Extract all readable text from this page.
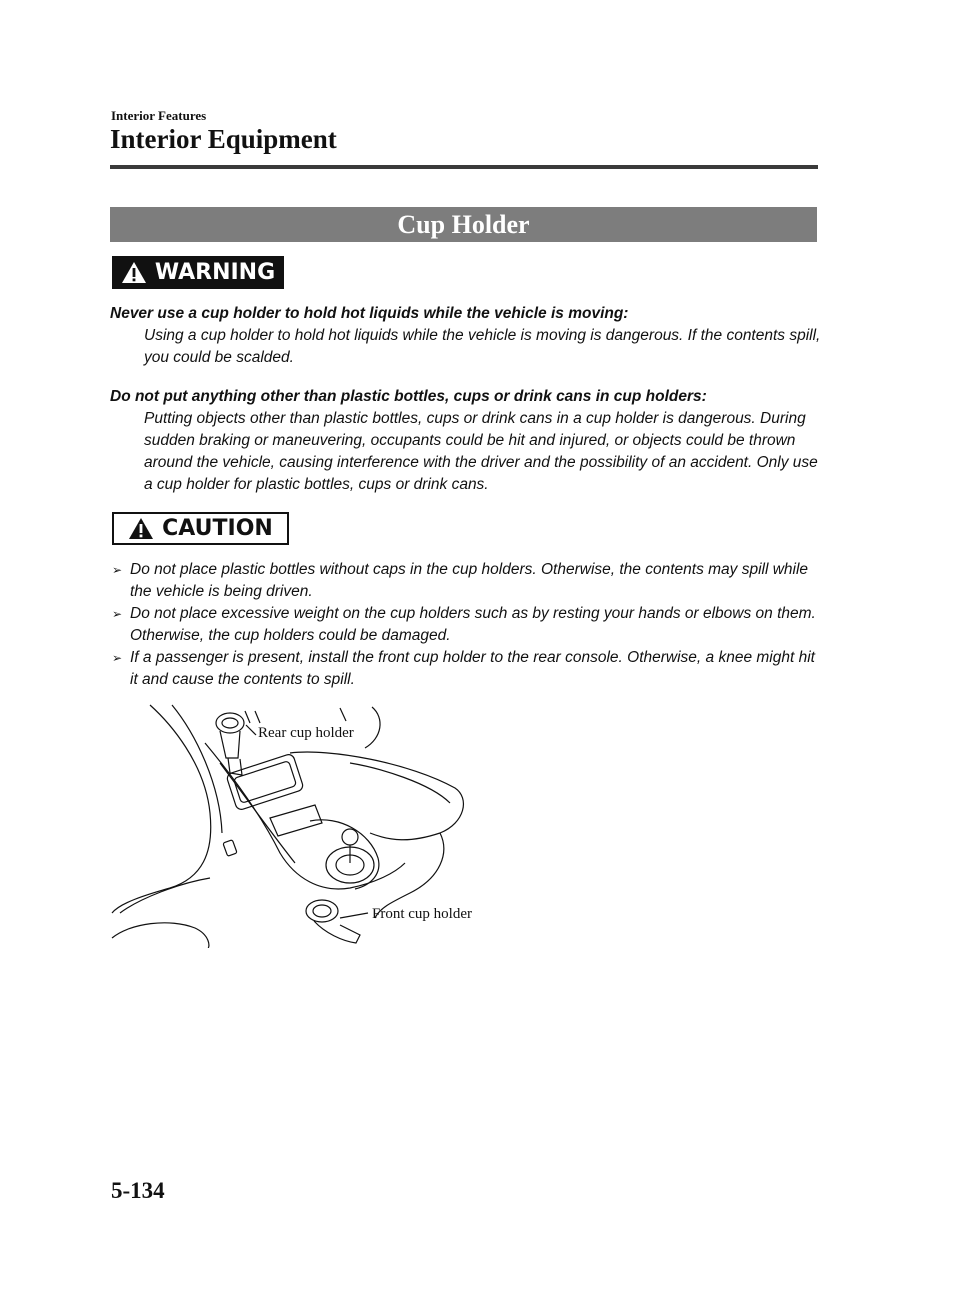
Interior Features
Interior Equipment
Cup Holder
WARNING
Never use a cup holder to hold hot liquids while the vehicle is moving:
Using a cup holder to hold hot liquids while the vehicle is moving is dangerous. If the contents spill, you could be scalded.
Do not put anything other than plastic bottles, cups or drink cans in cup holders:
Putting objects other than plastic bottles, cups or drink cans in a cup holder is dangerous. During sudden braking or maneuvering, occupants could be hit and injured, or objects could be thrown around the vehicle, causing interference with the driver and the possibility of an accident. Only use a cup holder for plastic bottles, cups or drink cans.
CAUTION
➢ Do not place plastic bottles without caps in the cup holders. Otherwise, the contents may spill while the vehicle is being driven.
➢ Do not place excessive weight on the cup holders such as by resting your hands or elbows on them. Otherwise, the cup holders could be damaged.
➢ If a passenger is present, install the front cup holder to the rear console. Otherwise, a knee might hit it and cause the contents to spill.
Rear cup holder
Front cup holder
5-134
